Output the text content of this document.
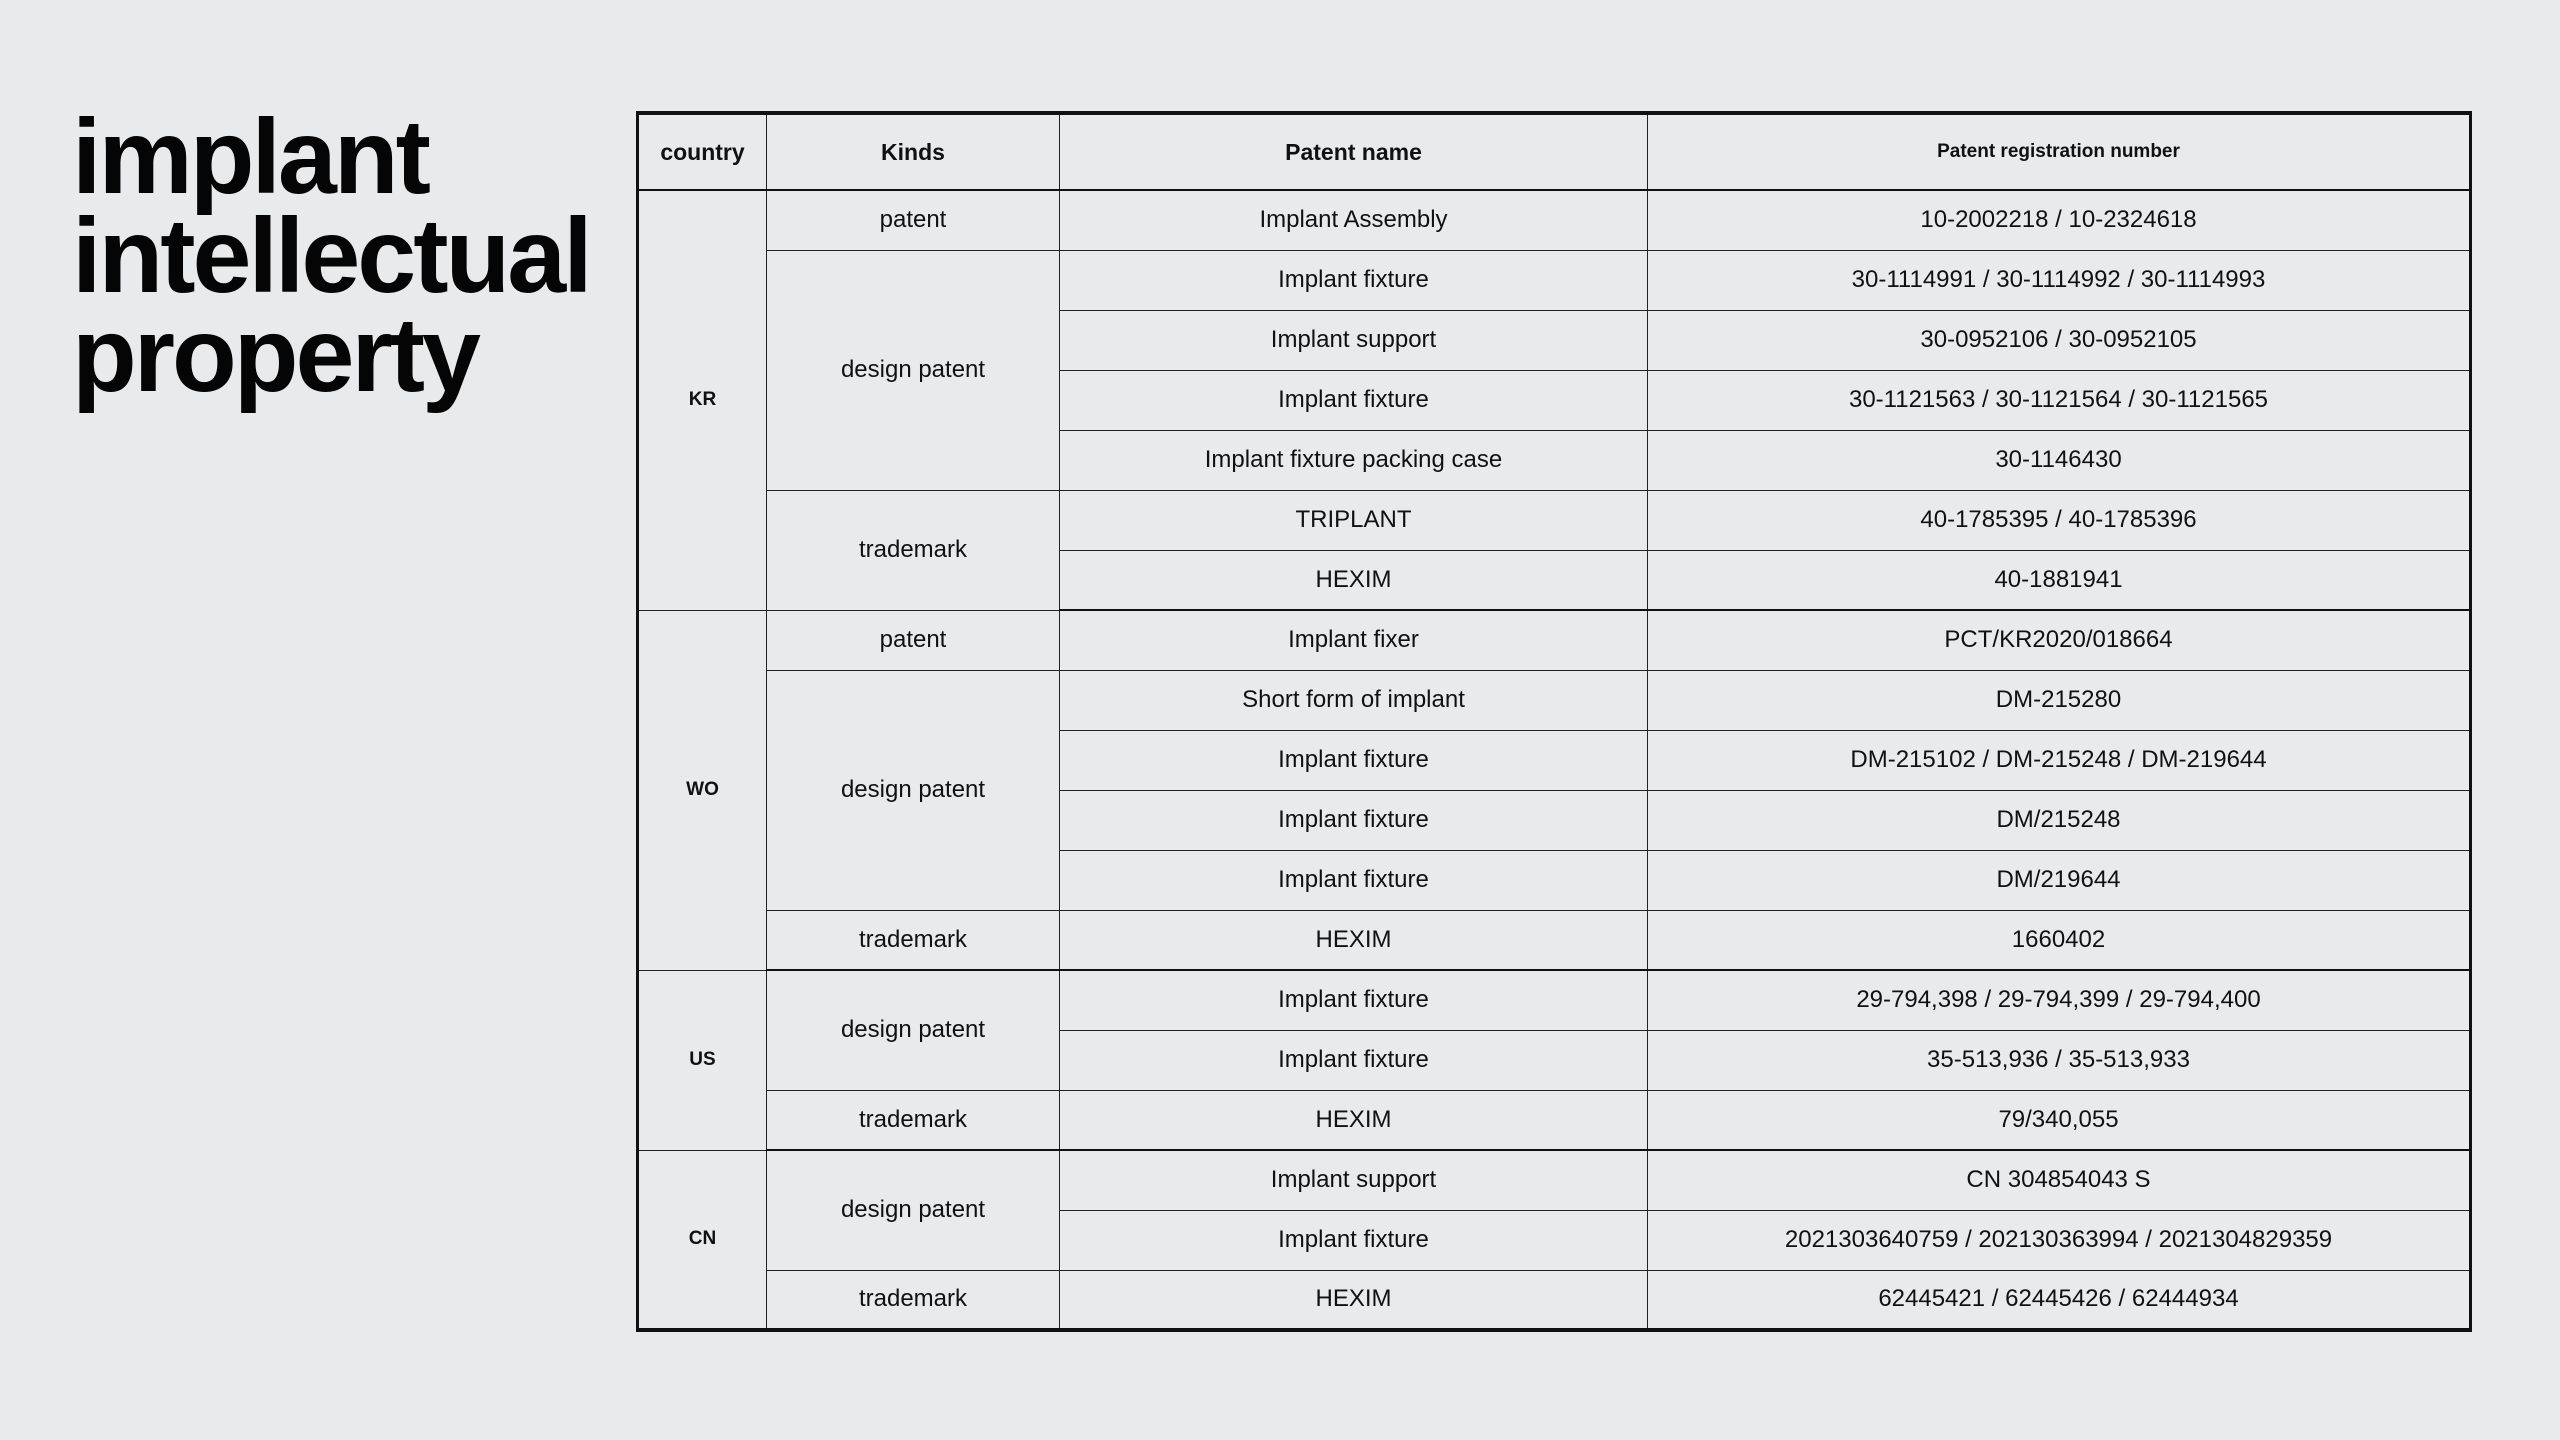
implant
intellectual
property
country	Kinds	Patent name	Patent registration number
KR	patent	Implant Assembly	10-2002218 / 10-2324618
	design patent	Implant fixture	30-1114991 / 30-1114992 / 30-1114993
		Implant support	30-0952106 / 30-0952105
		Implant fixture	30-1121563 / 30-1121564 / 30-1121565
		Implant fixture packing case	30-1146430
	trademark	TRIPLANT	40-1785395 / 40-1785396
		HEXIM	40-1881941
WO	patent	Implant fixer	PCT/KR2020/018664
	design patent	Short form of implant	DM-215280
		Implant fixture	DM-215102 / DM-215248 / DM-219644
		Implant fixture	DM/215248
		Implant fixture	DM/219644
	trademark	HEXIM	1660402
US	design patent	Implant fixture	29-794,398 / 29-794,399 / 29-794,400
		Implant fixture	35-513,936 / 35-513,933
	trademark	HEXIM	79/340,055
CN	design patent	Implant support	CN 304854043 S
		Implant fixture	2021303640759 / 202130363994 / 2021304829359
	trademark	HEXIM	62445421 / 62445426 / 62444934
